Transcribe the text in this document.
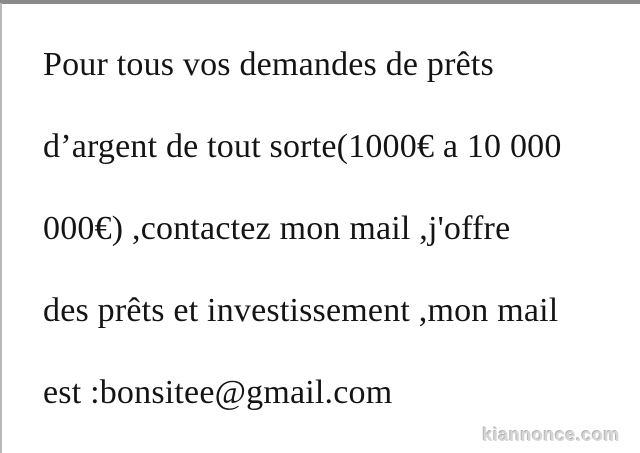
Pour tous vos demandes de prêts
d’argent de tout sorte(1000€ a 10 000
000€) ,contactez mon mail ,j'offre
des prêts et investissement ,mon mail
est :bonsitee@gmail.com
kiannonce.com
